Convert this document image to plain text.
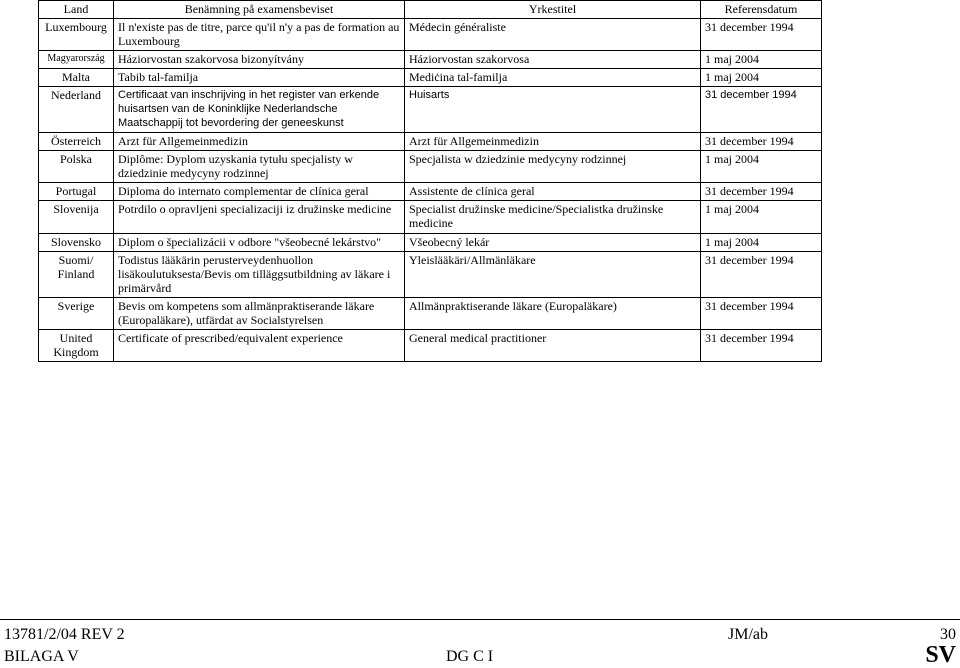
Land	Benämning på examensbeviset	Yrkestitel	Referensdatum
Luxembourg	Il n'existe pas de titre, parce qu'il n'y a pas de formation au Luxembourg	Médecin généraliste	31 december 1994
Magyarország	Háziorvostan szakorvosa bizonyítvány	Háziorvostan szakorvosa	1 maj 2004
Malta	Tabib tal-familja	Mediċina tal-familja	1 maj 2004
Nederland	Certificaat van inschrijving in het register van erkende huisartsen van de Koninklijke Nederlandsche Maatschappij tot bevordering der geneeskunst	Huisarts	31 december 1994
Österreich	Arzt für Allgemeinmedizin	Arzt für Allgemeinmedizin	31 december 1994
Polska	Diplôme: Dyplom uzyskania tytułu specjalisty w dziedzinie medycyny rodzinnej	Specjalista w dziedzinie medycyny rodzinnej	1 maj 2004
Portugal	Diploma do internato complementar de clínica geral	Assistente de clínica geral	31 december 1994
Slovenija	Potrdilo o opravljeni specializaciji iz družinske medicine	Specialist družinske medicine/Specialistka družinske medicine	1 maj 2004
Slovensko	Diplom o špecializácii v odbore "všeobecné lekárstvo"	Všeobecný lekár	1 maj 2004
Suomi/ Finland	Todistus lääkärin perusterveydenhuollon lisäkoulutuksesta/Bevis om tilläggsutbildning av läkare i primärvård	Yleislääkäri/Allmänläkare	31 december 1994
Sverige	Bevis om kompetens som allmänpraktiserande läkare (Europaläkare), utfärdat av Socialstyrelsen	Allmänpraktiserande läkare (Europaläkare)	31 december 1994
United Kingdom	Certificate of prescribed/equivalent experience	General medical practitioner	31 december 1994
13781/2/04 REV 2	JM/ab	30
BILAGA V	DG C I	SV
